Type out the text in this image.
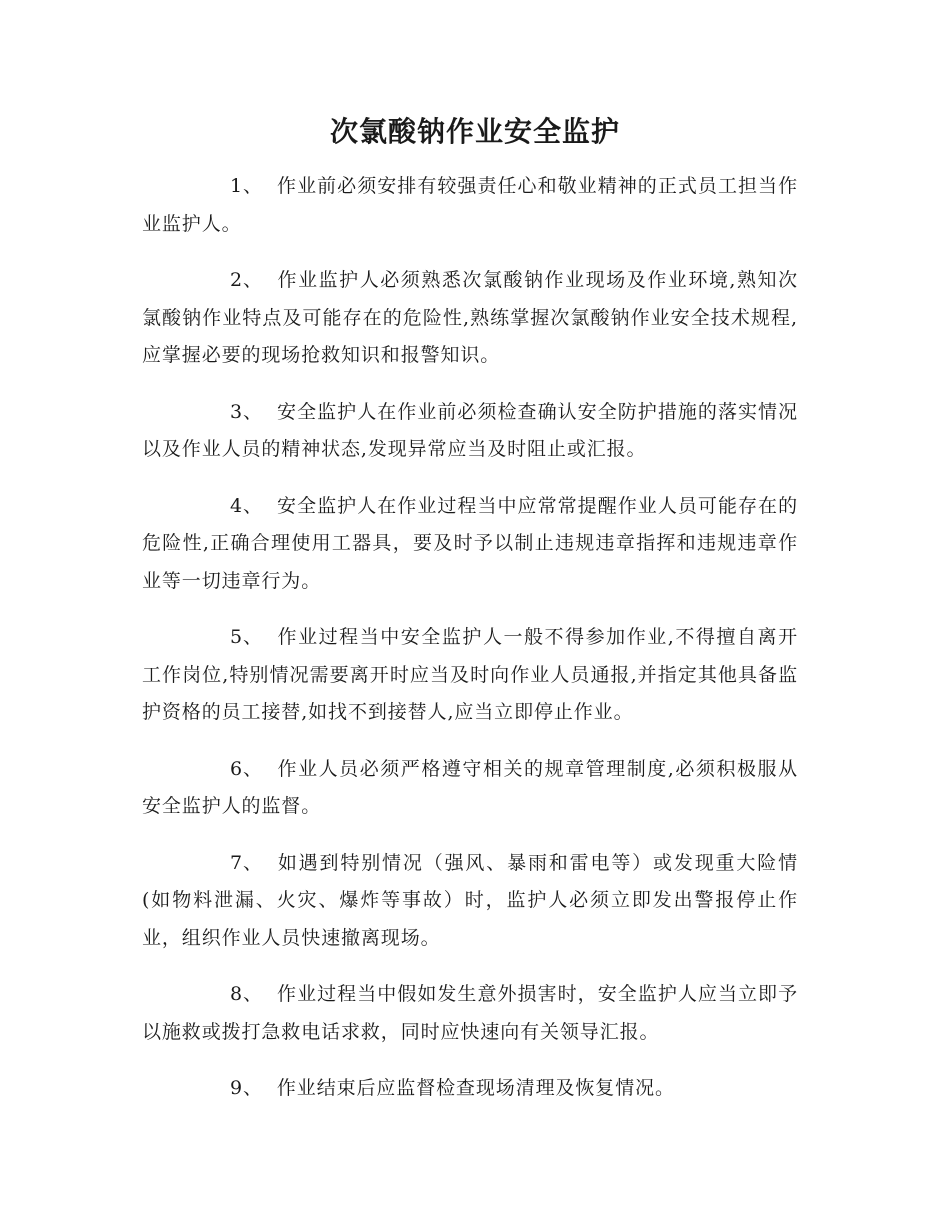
次氯酸钠作业安全监护

1、 作业前必须安排有较强责任心和敬业精神的正式员工担当作业监护人。

2、 作业监护人必须熟悉次氯酸钠作业现场及作业环境,熟知次氯酸钠作业特点及可能存在的危险性,熟练掌握次氯酸钠作业安全技术规程,应掌握必要的现场抢救知识和报警知识。

3、 安全监护人在作业前必须检查确认安全防护措施的落实情况以及作业人员的精神状态,发现异常应当及时阻止或汇报。

4、 安全监护人在作业过程当中应常常提醒作业人员可能存在的危险性,正确合理使用工器具，要及时予以制止违规违章指挥和违规违章作业等一切违章行为。

5、 作业过程当中安全监护人一般不得参加作业,不得擅自离开工作岗位,特别情况需要离开时应当及时向作业人员通报,并指定其他具备监护资格的员工接替,如找不到接替人,应当立即停止作业。

6、 作业人员必须严格遵守相关的规章管理制度,必须积极服从安全监护人的监督。

7、 如遇到特别情况（强风、暴雨和雷电等）或发现重大险情(如物料泄漏、火灾、爆炸等事故）时，监护人必须立即发出警报停止作业，组织作业人员快速撤离现场。

8、 作业过程当中假如发生意外损害时，安全监护人应当立即予以施救或拨打急救电话求救，同时应快速向有关领导汇报。

9、 作业结束后应监督检查现场清理及恢复情况。
